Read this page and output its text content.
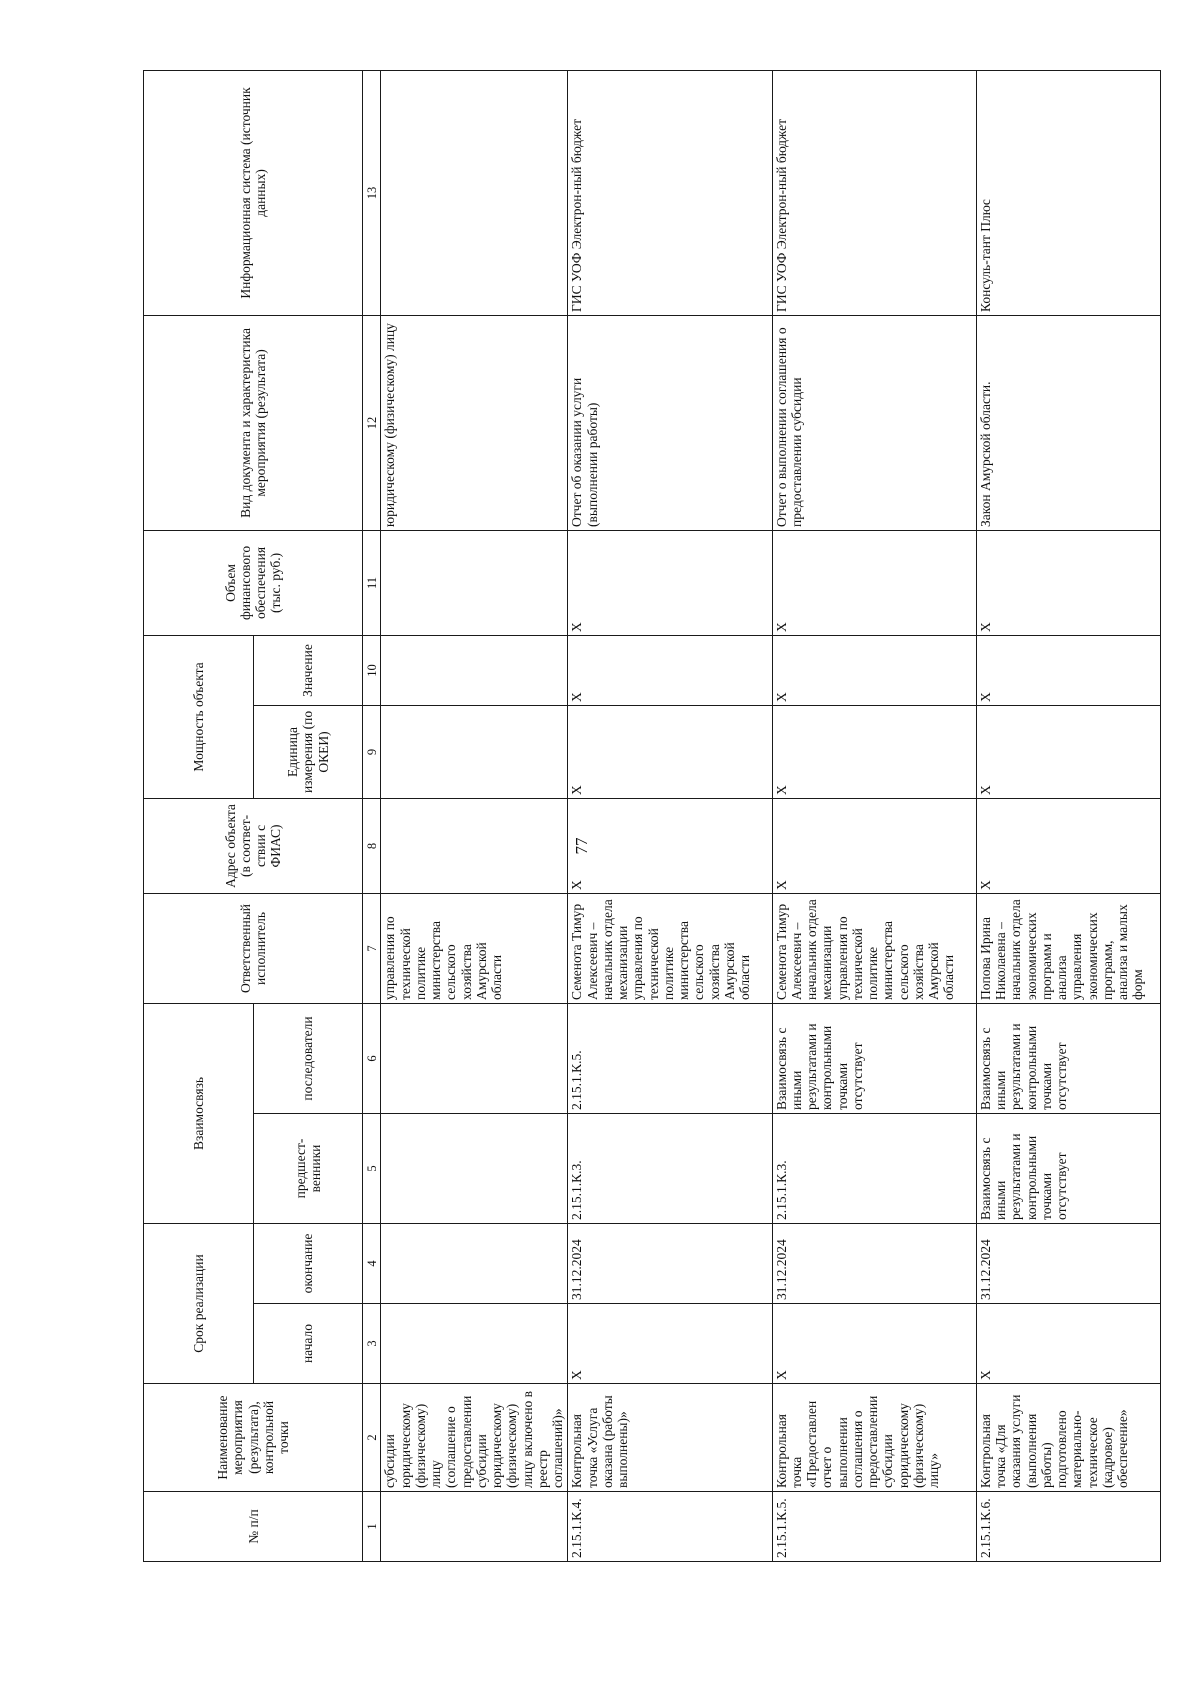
77
№ п/п	Наименование мероприятия (результата), контрольной точки	Срок реализации		Взаимосвязь		Ответственный исполнитель	Адрес объекта (в соответ-ствии с ФИАС)	Мощность объекта		Объем финансового обеспечения (тыс. руб.)	Вид документа и характеристика мероприятия (результата)	Информационная система (источник данных)

		начало	окончание	предшест-венники	последователи			Единица измерения (по ОКЕИ)	Значение			

1	2	3	4	5	6	7	8	9	10	11	12	13
	субсидии юридическому (физическому) лицу (соглашение о предоставлении субсидии юридическому (физическому) лицу включено в реестр соглашений)»					управления по технической политике министерства сельского хозяйства Амурской области					юридическому (физическому) лицу	
2.15.1.К.4.	Контрольная точка «Услуга оказана (работы выполнены)»	X	31.12.2024	2.15.1.К.3.	2.15.1.К.5.	Семенота Тимур Алексеевич – начальник отдела механизации управления по технической политике министерства сельского хозяйства Амурской области	X	X	X	X	Отчет об оказании услуги (выполнении работы)	ГИС УОФ Электрон-ный бюджет
2.15.1.К.5.	Контрольная точка «Предоставлен отчет о выполнении соглашения о предоставлении субсидии юридическому (физическому) лицу»	X	31.12.2024	2.15.1.К.3.	Взаимосвязь с иными результатами и контрольными точками отсутствует	Семенота Тимур Алексеевич – начальник отдела механизации управления по технической политике министерства сельского хозяйства Амурской области	X	X	X	X	Отчет о выполнении соглашения о предоставлении субсидии	ГИС УОФ Электрон-ный бюджет
2.15.1.К.6.	Контрольная точка «Для оказания услуги (выполнения работы) подготовлено материально-техническое (кадровое) обеспечение»	X	31.12.2024	Взаимосвязь с иными результатами и контрольными точками отсутствует	Взаимосвязь с иными результатами и контрольными точками отсутствует	Попова Ирина Николаевна – начальник отдела экономических программ и анализа управления экономических программ, анализа и малых форм	X	X	X	X	Закон Амурской области.	Консуль-тант Плюс
